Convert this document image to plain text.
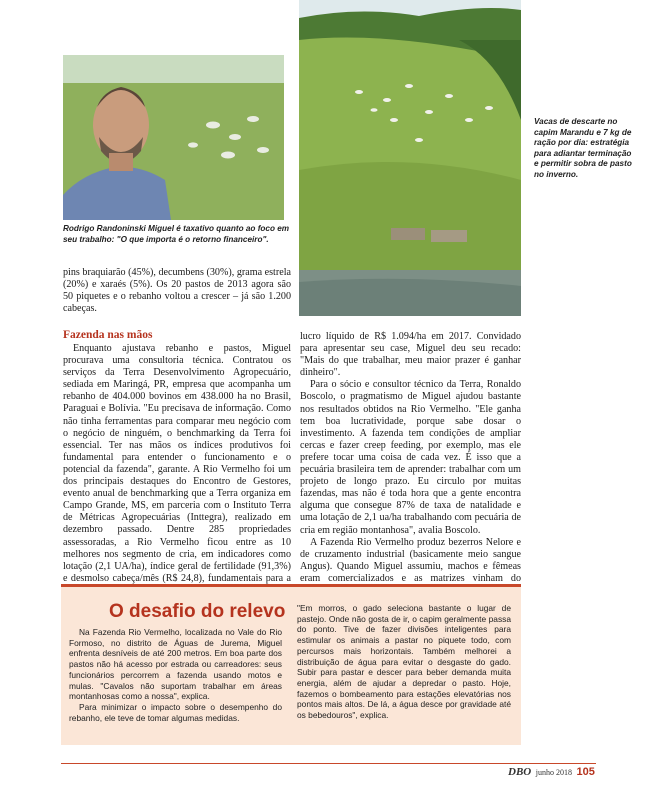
Rodrigo Randoninski Miguel é taxativo quanto ao foco em seu trabalho: "O que importa é o retorno financeiro".
Vacas de descarte no capim Marandu e 7 kg de ração por dia: estratégia para adiantar terminação e permitir sobra de pasto no inverno.

pins braquiarão (45%), decumbens (30%), grama estrela (20%) e xaraés (5%). Os 20 pastos de 2013 agora são 50 piquetes e o rebanho voltou a crescer – já são 1.200 cabeças.

Fazenda nas mãos

Enquanto ajustava rebanho e pastos, Miguel procurava uma consultoria técnica. Contratou os serviços da Terra Desenvolvimento Agropecuário, sediada em Maringá, PR, empresa que acompanha um rebanho de 404.000 bovinos em 438.000 ha no Brasil, Paraguai e Bolívia. "Eu precisava de informação. Como não tinha ferramentas para comparar meu negócio com o negócio de ninguém, o benchmarking da Terra foi essencial. Ter nas mãos os índices produtivos foi fundamental para entender o funcionamento e o potencial da fazenda", garante. A Rio Vermelho foi um dos principais destaques do Encontro de Gestores, evento anual de benchmarking que a Terra organiza em Campo Grande, MS, em parceria com o Instituto Terra de Métricas Agropecuárias (Inttegra), realizado em dezembro passado. Dentre 285 propriedades assessoradas, a Rio Vermelho ficou entre as 10 melhores nos segmento de cria, em indicadores como lotação (2,1 UA/ha), índice geral de fertilidade (91,3%) e desmolso cabeça/mês (R$ 24,8), fundamentais para a

lucro líquido de R$ 1.094/ha em 2017. Convidado para apresentar seu case, Miguel deu seu recado: "Mais do que trabalhar, meu maior prazer é ganhar dinheiro".

Para o sócio e consultor técnico da Terra, Ronaldo Boscolo, o pragmatismo de Miguel ajudou bastante nos resultados obtidos na Rio Vermelho. "Ele ganha tem boa lucratividade, porque sabe dosar o investimento. A fazenda tem condições de ampliar cercas e fazer creep feeding, por exemplo, mas ele prefere tocar uma coisa de cada vez. É isso que a pecuária brasileira tem de aprender: trabalhar com um projeto de longo prazo. Eu circulo por muitas fazendas, mas não é toda hora que a gente encontra alguma que consegue 87% de taxa de natalidade e uma lotação de 2,1 ua/ha trabalhando com pecuária de cria em região montanhosa", avalia Boscolo.

A Fazenda Rio Vermelho produz bezerros Nelore e de cruzamento industrial (basicamente meio sangue Angus). Quando Miguel assumiu, machos e fêmeas eram comercializados e as matrizes vinham do

O desafio do relevo

Na Fazenda Rio Vermelho, localizada no Vale do Rio Formoso, no distrito de Águas de Jurema, Miguel enfrenta desníveis de até 200 metros. Em boa parte dos pastos não há acesso por estrada ou carreadores: seus funcionários percorrem a fazenda usando motos e mulas. "Cavalos não suportam trabalhar em áreas montanhosas como a nossa", explica.

Para minimizar o impacto sobre o desempenho do rebanho, ele teve de tomar algumas medidas.

"Em morros, o gado seleciona bastante o lugar de pastejo. Onde não gosta de ir, o capim geralmente passa do ponto. Tive de fazer divisões inteligentes para estimular os animais a pastar no piquete todo, com percursos mais horizontais. Também melhorei a distribuição de água para evitar o desgaste do gado. Subir para pastar e descer para beber demanda muita energia, além de ajudar a depredar o pasto. Hoje, fazemos o bombeamento para estações elevatórias nos pontos mais altos. De lá, a água desce por gravidade até os bebedouros", explica.

DBO junho 2018 105
